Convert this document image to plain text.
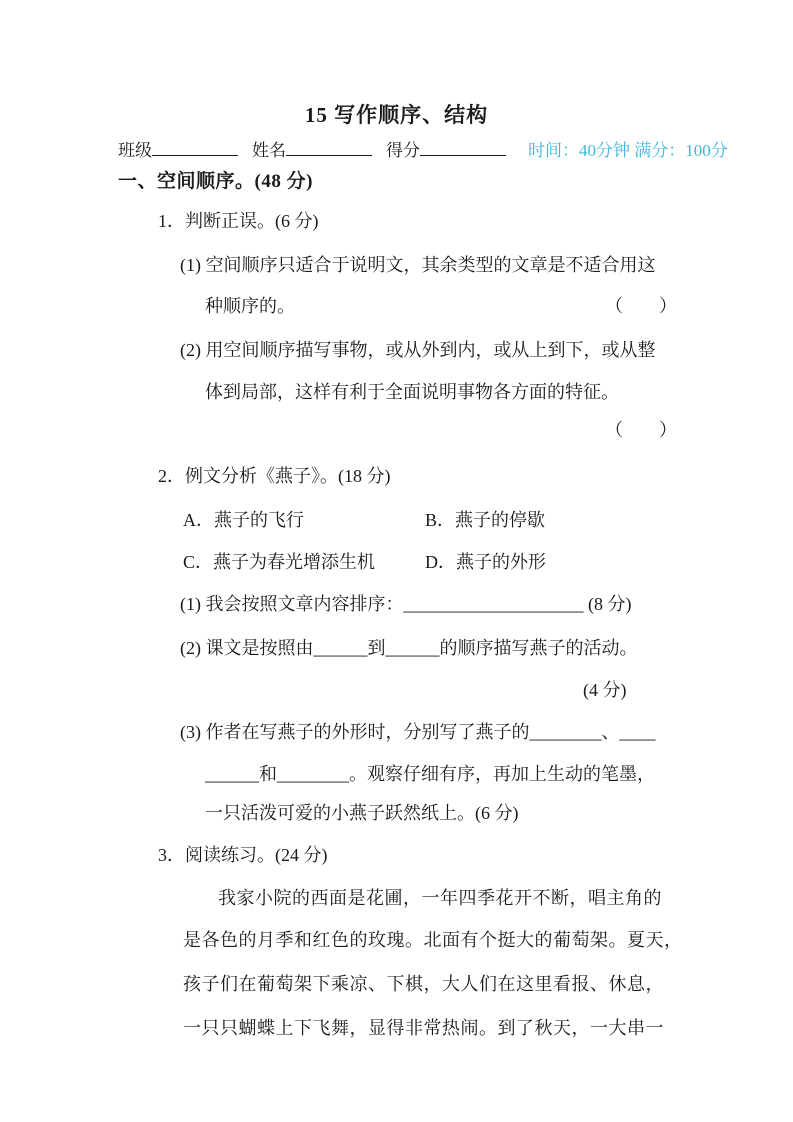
15 写作顺序、结构
班级	姓名	得分	时间：40分钟 满分：100分
一、空间顺序。(48 分)
1．判断正误。(6 分)
(1) 空间顺序只适合于说明文，其余类型的文章是不适合用这
种顺序的。	（　　）
(2) 用空间顺序描写事物，或从外到内，或从上到下，或从整
体到局部，这样有利于全面说明事物各方面的特征。
（　　）
2．例文分析《燕子》。(18 分)
A．燕子的飞行	B．燕子的停歇
C．燕子为春光增添生机	D．燕子的外形
(1) 我会按照文章内容排序：____________________ (8 分)
(2) 课文是按照由______到______的顺序描写燕子的活动。
(4 分)
(3) 作者在写燕子的外形时，分别写了燕子的________、____
______和________。观察仔细有序，再加上生动的笔墨，
一只活泼可爱的小燕子跃然纸上。(6 分)
3．阅读练习。(24 分)
我家小院的西面是花圃，一年四季花开不断，唱主角的
是各色的月季和红色的玫瑰。北面有个挺大的葡萄架。夏天，
孩子们在葡萄架下乘凉、下棋，大人们在这里看报、休息，
一只只蝴蝶上下飞舞，显得非常热闹。到了秋天，一大串一
